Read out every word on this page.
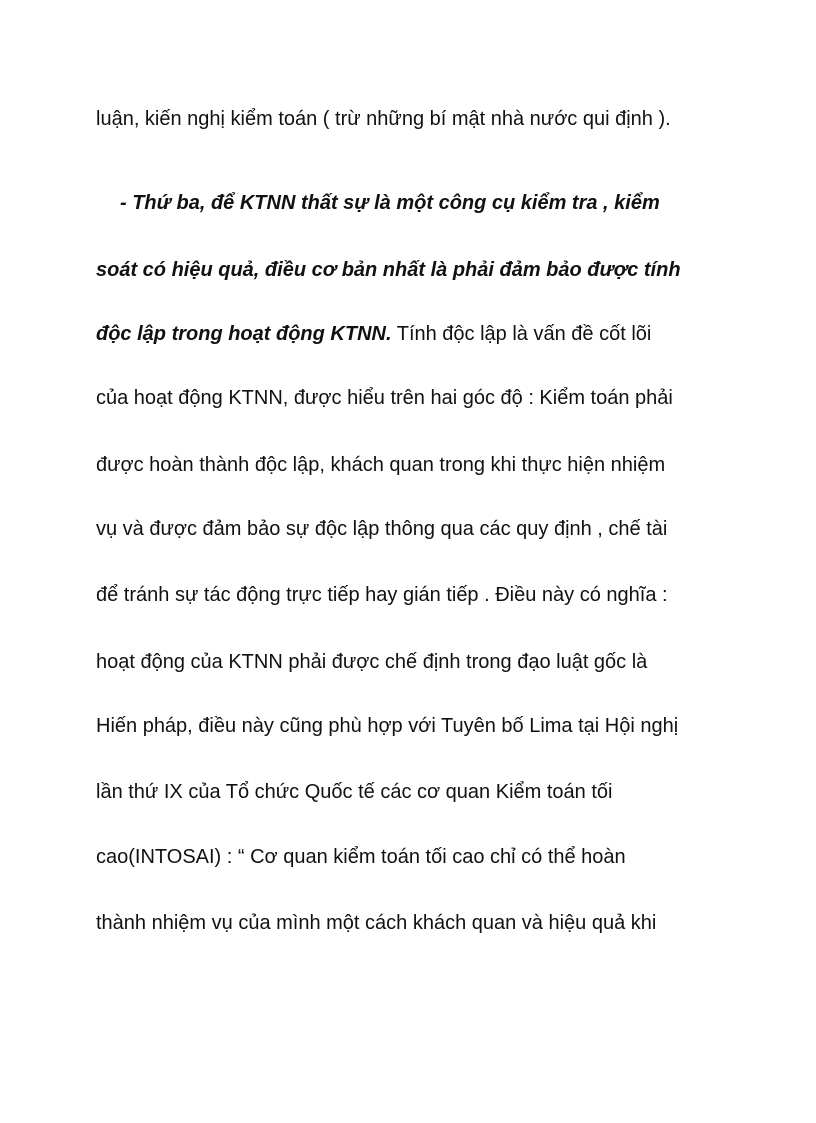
luận, kiến nghị kiểm toán ( trừ những bí mật nhà nước qui định ).
- Thứ ba, để KTNN thất sự là một công cụ kiểm tra , kiểm
soát có hiệu quả, điều cơ bản nhất là phải đảm bảo được tính
độc lập trong hoạt động KTNN. Tính độc lập là vấn đề cốt lõi
của hoạt động KTNN, được hiểu trên hai góc độ : Kiểm toán phải
được hoàn thành độc lập, khách quan trong khi thực hiện nhiệm
vụ và được đảm bảo sự độc lập thông qua các quy định , chế tài
để tránh sự tác động trực tiếp hay gián tiếp . Điều này có nghĩa :
hoạt động của KTNN phải được chế định trong đạo luật gốc là
Hiến pháp, điều này cũng phù hợp với Tuyên bố Lima tại Hội nghị
lần thứ IX của Tổ chức Quốc tế các cơ quan Kiểm toán tối
cao(INTOSAI) : “ Cơ quan kiểm toán tối cao chỉ có thể hoàn
thành nhiệm vụ của mình một cách khách quan và hiệu quả khi
